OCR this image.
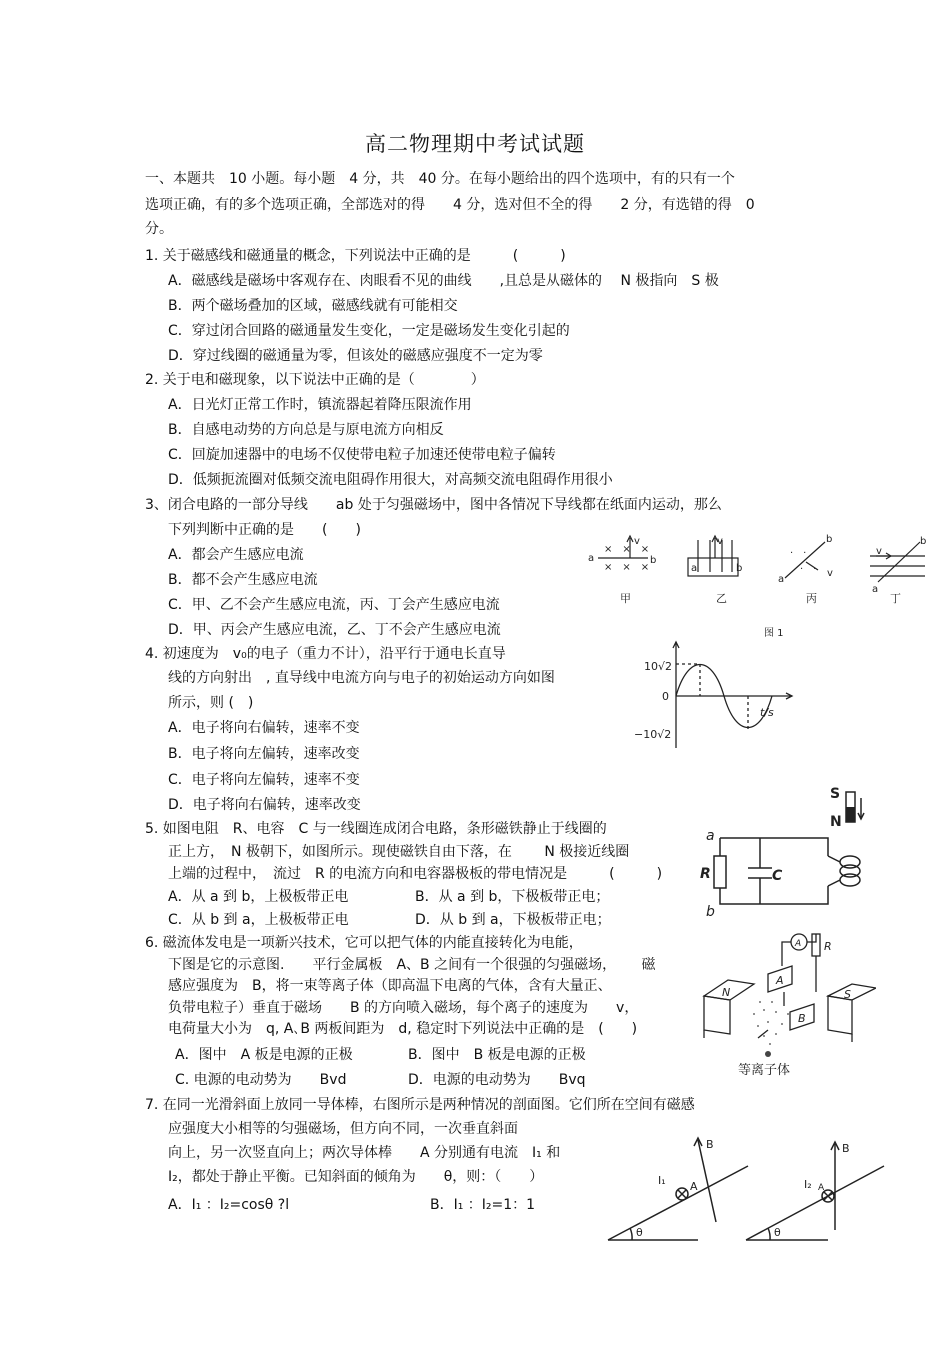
高二物理期中考试试题
一、本题共　10 小题。每小题　4 分，共　40 分。在每小题给出的四个选项中，有的只有一个
选项正确，有的多个选项正确，全部选对的得　　4 分，选对但不全的得　　2 分，有选错的得　0
分。
1. 关于磁感线和磁通量的概念，下列说法中正确的是　　　(　　　)
A．磁感线是磁场中客观存在、肉眼看不见的曲线　　,且总是从磁体的　 N 极指向　S 极
B．两个磁场叠加的区域，磁感线就有可能相交
C．穿过闭合回路的磁通量发生变化，一定是磁场发生变化引起的
D．穿过线圈的磁通量为零，但该处的磁感应强度不一定为零
2. 关于电和磁现象，以下说法中正确的是（　　　　）
A．日光灯正常工作时，镇流器起着降压限流作用
B．自感电动势的方向总是与原电流方向相反
C．回旋加速器中的电场不仅使带电粒子加速还使带电粒子偏转
D．低频扼流圈对低频交流电阻碍作用很大，对高频交流电阻碍作用很小
3、闭合电路的一部分导线　　ab 处于匀强磁场中，图中各情况下导线都在纸面内运动，那么
下列判断中正确的是　　(　　)
A．都会产生感应电流
B．都不会产生感应电流
C．甲、乙不会产生感应电流，丙、丁会产生感应电流
D．甲、丙会产生感应电流，乙、丁不会产生感应电流
×　×　×
×　×　×
a	b
v
a	b
v
·　·
·　·
a
b
v
a
b
v
甲	乙	丙	丁
图 1
4. 初速度为　v₀的电子（重力不计），沿平行于通电长直导
线的方向射出　, 直导线中电流方向与电子的初始运动方向如图
所示，则 (　)
A．电子将向右偏转，速率不变
B．电子将向左偏转，速率改变
C．电子将向左偏转，速率不变
D．电子将向右偏转，速率改变
10√2
0
−10√2
t/s
5. 如图电阻　R、电容　C 与一线圈连成闭合电路，条形磁铁静止于线圈的
正上方，　N 极朝下，如图所示。现使磁铁自由下落，在　　 N 极接近线圈
上端的过程中，　流过　R 的电流方向和电容器极板的带电情况是　　　(　　　)
A．从 a 到 b，上极板带正电	B．从 a 到 b，下极板带正电；
C．从 b 到 a，上极板带正电	D．从 b 到 a，下极板带正电；
S
N
a
b
R	C
6. 磁流体发电是一项新兴技术，它可以把气体的内能直接转化为电能，
下图是它的示意图.　　平行金属板　A、B 之间有一个很强的匀强磁场，　　 磁
感应强度为　B，将一束等离子体（即高温下电离的气体，含有大量正、
负带电粒子）垂直于磁场　　B 的方向喷入磁场，每个离子的速度为　　v，
电荷量大小为　q, A､B 两板间距为　d, 稳定时下列说法中正确的是　(　　)
A．图中　A 板是电源的正极	B．图中　B 板是电源的正极
C. 电源的电动势为　　Bvd	D．电源的电动势为　　Bvq
A R
A
B
N	S
等离子体
7. 在同一光滑斜面上放同一导体棒，右图所示是两种情况的剖面图。它们所在空间有磁感
应强度大小相等的匀强磁场，但方向不同，一次垂直斜面
向上，另一次竖直向上；两次导体棒　　A 分别通有电流　I₁ 和
I₂，都处于静止平衡。已知斜面的倾角为　　θ，则：（　　）
A．I₁ ：I₂=cosθ ?l	B．I₁ ：I₂=1：1
B
I₁ A
θ
B
I₂ A
θ
